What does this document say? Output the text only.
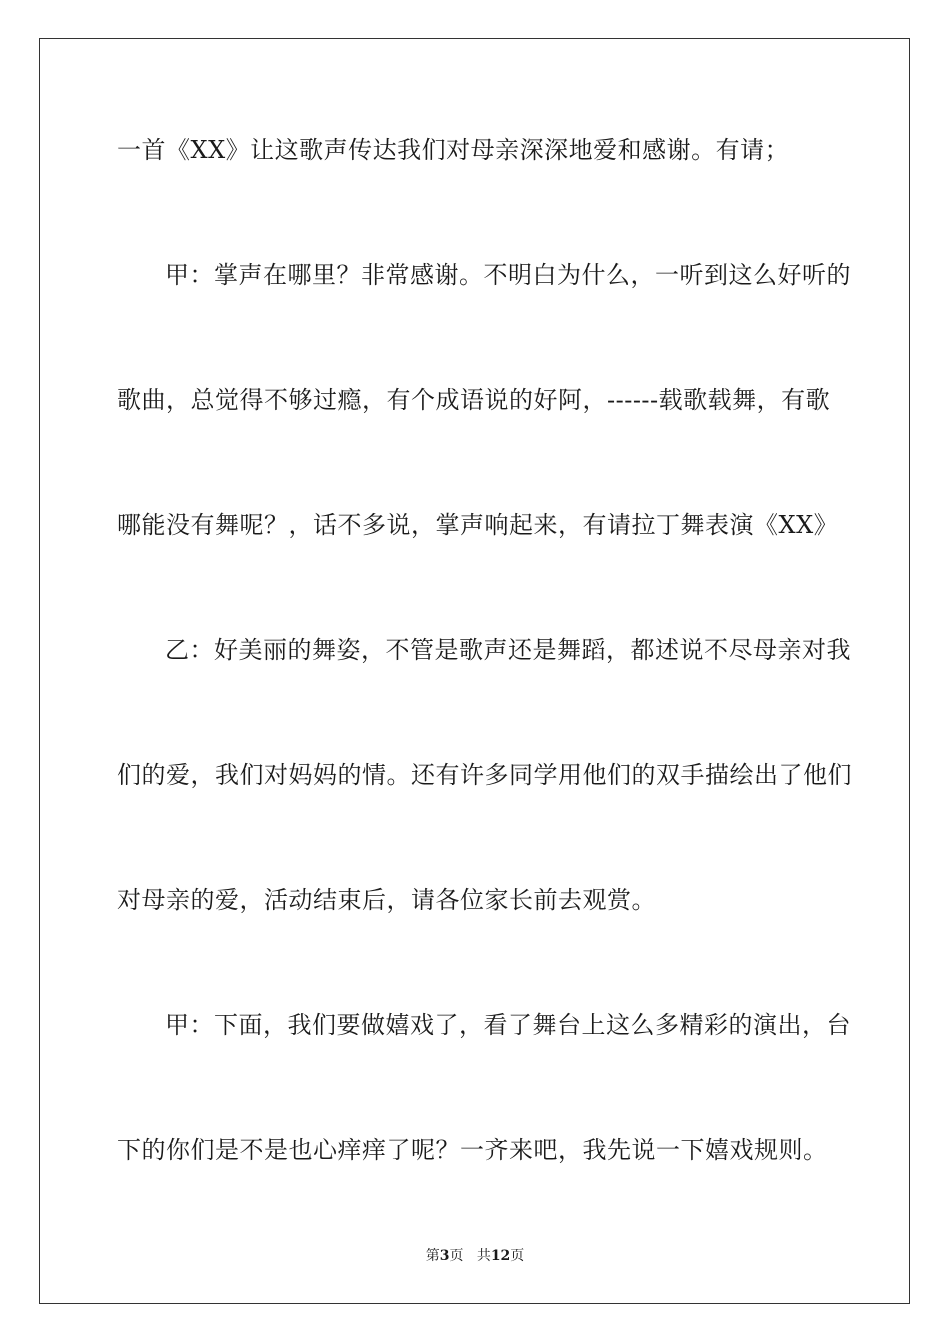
一首《XX》让这歌声传达我们对母亲深深地爱和感谢。有请；
甲：掌声在哪里？非常感谢。不明白为什么，一听到这么好听的
歌曲，总觉得不够过瘾，有个成语说的好阿，------载歌载舞，有歌
哪能没有舞呢？，话不多说，掌声响起来，有请拉丁舞表演《XX》
乙：好美丽的舞姿，不管是歌声还是舞蹈，都述说不尽母亲对我
们的爱，我们对妈妈的情。还有许多同学用他们的双手描绘出了他们
对母亲的爱，活动结束后，请各位家长前去观赏。
甲：下面，我们要做嬉戏了，看了舞台上这么多精彩的演出，台
下的你们是不是也心痒痒了呢？一齐来吧，我先说一下嬉戏规则。
第3页 共12页
